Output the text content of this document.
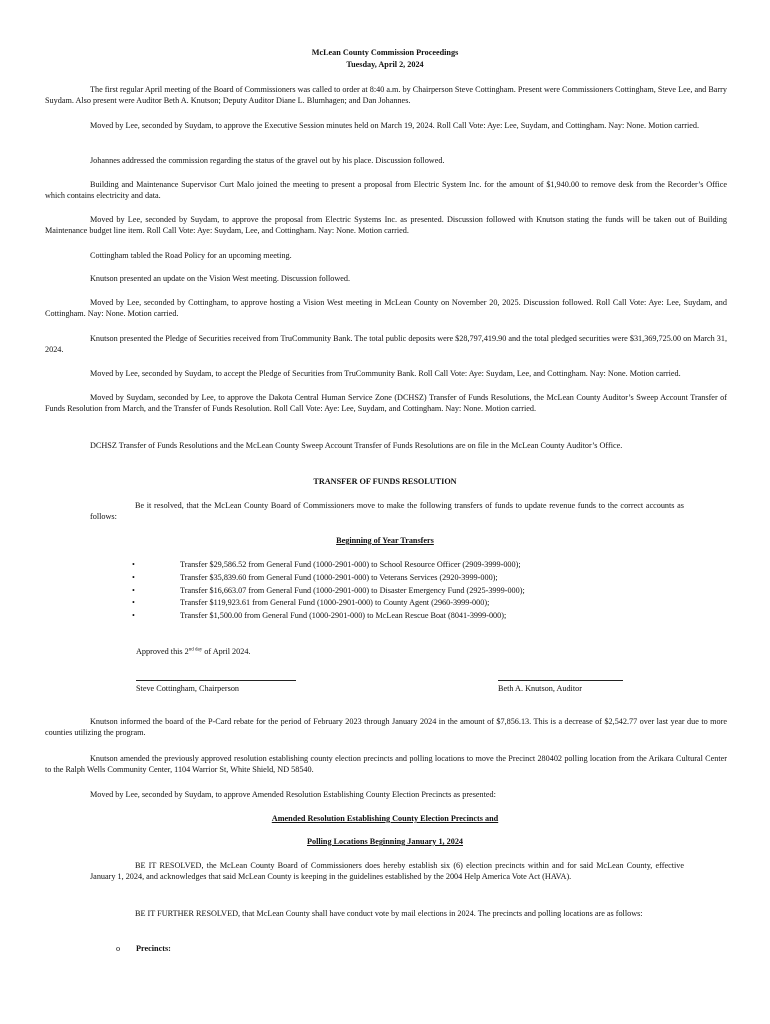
McLean County Commission Proceedings
Tuesday, April 2, 2024
The first regular April meeting of the Board of Commissioners was called to order at 8:40 a.m. by Chairperson Steve Cottingham. Present were Commissioners Cottingham, Steve Lee, and Barry Suydam. Also present were Auditor Beth A. Knutson; Deputy Auditor Diane L. Blumhagen; and Dan Johannes.
Moved by Lee, seconded by Suydam, to approve the Executive Session minutes held on March 19, 2024. Roll Call Vote: Aye: Lee, Suydam, and Cottingham. Nay: None. Motion carried.
Johannes addressed the commission regarding the status of the gravel out by his place. Discussion followed.
Building and Maintenance Supervisor Curt Malo joined the meeting to present a proposal from Electric System Inc. for the amount of $1,940.00 to remove desk from the Recorder’s Office which contains electricity and data.
Moved by Lee, seconded by Suydam, to approve the proposal from Electric Systems Inc. as presented. Discussion followed with Knutson stating the funds will be taken out of Building Maintenance budget line item. Roll Call Vote: Aye: Suydam, Lee, and Cottingham. Nay: None. Motion carried.
Cottingham tabled the Road Policy for an upcoming meeting.
Knutson presented an update on the Vision West meeting. Discussion followed.
Moved by Lee, seconded by Cottingham, to approve hosting a Vision West meeting in McLean County on November 20, 2025. Discussion followed. Roll Call Vote: Aye: Lee, Suydam, and Cottingham. Nay: None. Motion carried.
Knutson presented the Pledge of Securities received from TruCommunity Bank. The total public deposits were $28,797,419.90 and the total pledged securities were $31,369,725.00 on March 31, 2024.
Moved by Lee, seconded by Suydam, to accept the Pledge of Securities from TruCommunity Bank. Roll Call Vote: Aye: Suydam, Lee, and Cottingham. Nay: None. Motion carried.
Moved by Suydam, seconded by Lee, to approve the Dakota Central Human Service Zone (DCHSZ) Transfer of Funds Resolutions, the McLean County Auditor’s Sweep Account Transfer of Funds Resolution from March, and the Transfer of Funds Resolution. Roll Call Vote: Aye: Lee, Suydam, and Cottingham. Nay: None. Motion carried.
DCHSZ Transfer of Funds Resolutions and the McLean County Sweep Account Transfer of Funds Resolutions are on file in the McLean County Auditor’s Office.
TRANSFER OF FUNDS RESOLUTION
Be it resolved, that the McLean County Board of Commissioners move to make the following transfers of funds to update revenue funds to the correct accounts as follows:
Beginning of Year Transfers
•	Transfer $29,586.52 from General Fund (1000-2901-000) to School Resource Officer (2909-3999-000);
•	Transfer $35,839.60 from General Fund (1000-2901-000) to Veterans Services (2920-3999-000);
•	Transfer $16,663.07 from General Fund (1000-2901-000) to Disaster Emergency Fund (2925-3999-000);
•	Transfer $119,923.61 from General Fund (1000-2901-000) to County Agent (2960-3999-000);
•	Transfer $1,500.00 from General Fund (1000-2901-000) to McLean Rescue Boat (8041-3999-000);
Approved this $2^{nd day}$ of April 2024.
Steve Cottingham, Chairperson	Beth A. Knutson, Auditor
Knutson informed the board of the P-Card rebate for the period of February 2023 through January 2024 in the amount of $7,856.13. This is a decrease of $2,542.77 over last year due to more counties utilizing the program.
Knutson amended the previously approved resolution establishing county election precincts and polling locations to move the Precinct 280402 polling location from the Arikara Cultural Center to the Ralph Wells Community Center, 1104 Warrior St, White Shield, ND 58540.
Moved by Lee, seconded by Suydam, to approve Amended Resolution Establishing County Election Precincts as presented:
Amended Resolution Establishing County Election Precincts and
Polling Locations Beginning January 1, 2024
BE IT RESOLVED, the McLean County Board of Commissioners does hereby establish six (6) election precincts within and for said McLean County, effective January 1, 2024, and acknowledges that said McLean County is keeping in the guidelines established by the 2004 Help America Vote Act (HAVA).
BE IT FURTHER RESOLVED, that McLean County shall have conduct vote by mail elections in 2024. The precincts and polling locations are as follows:
o Precincts:
